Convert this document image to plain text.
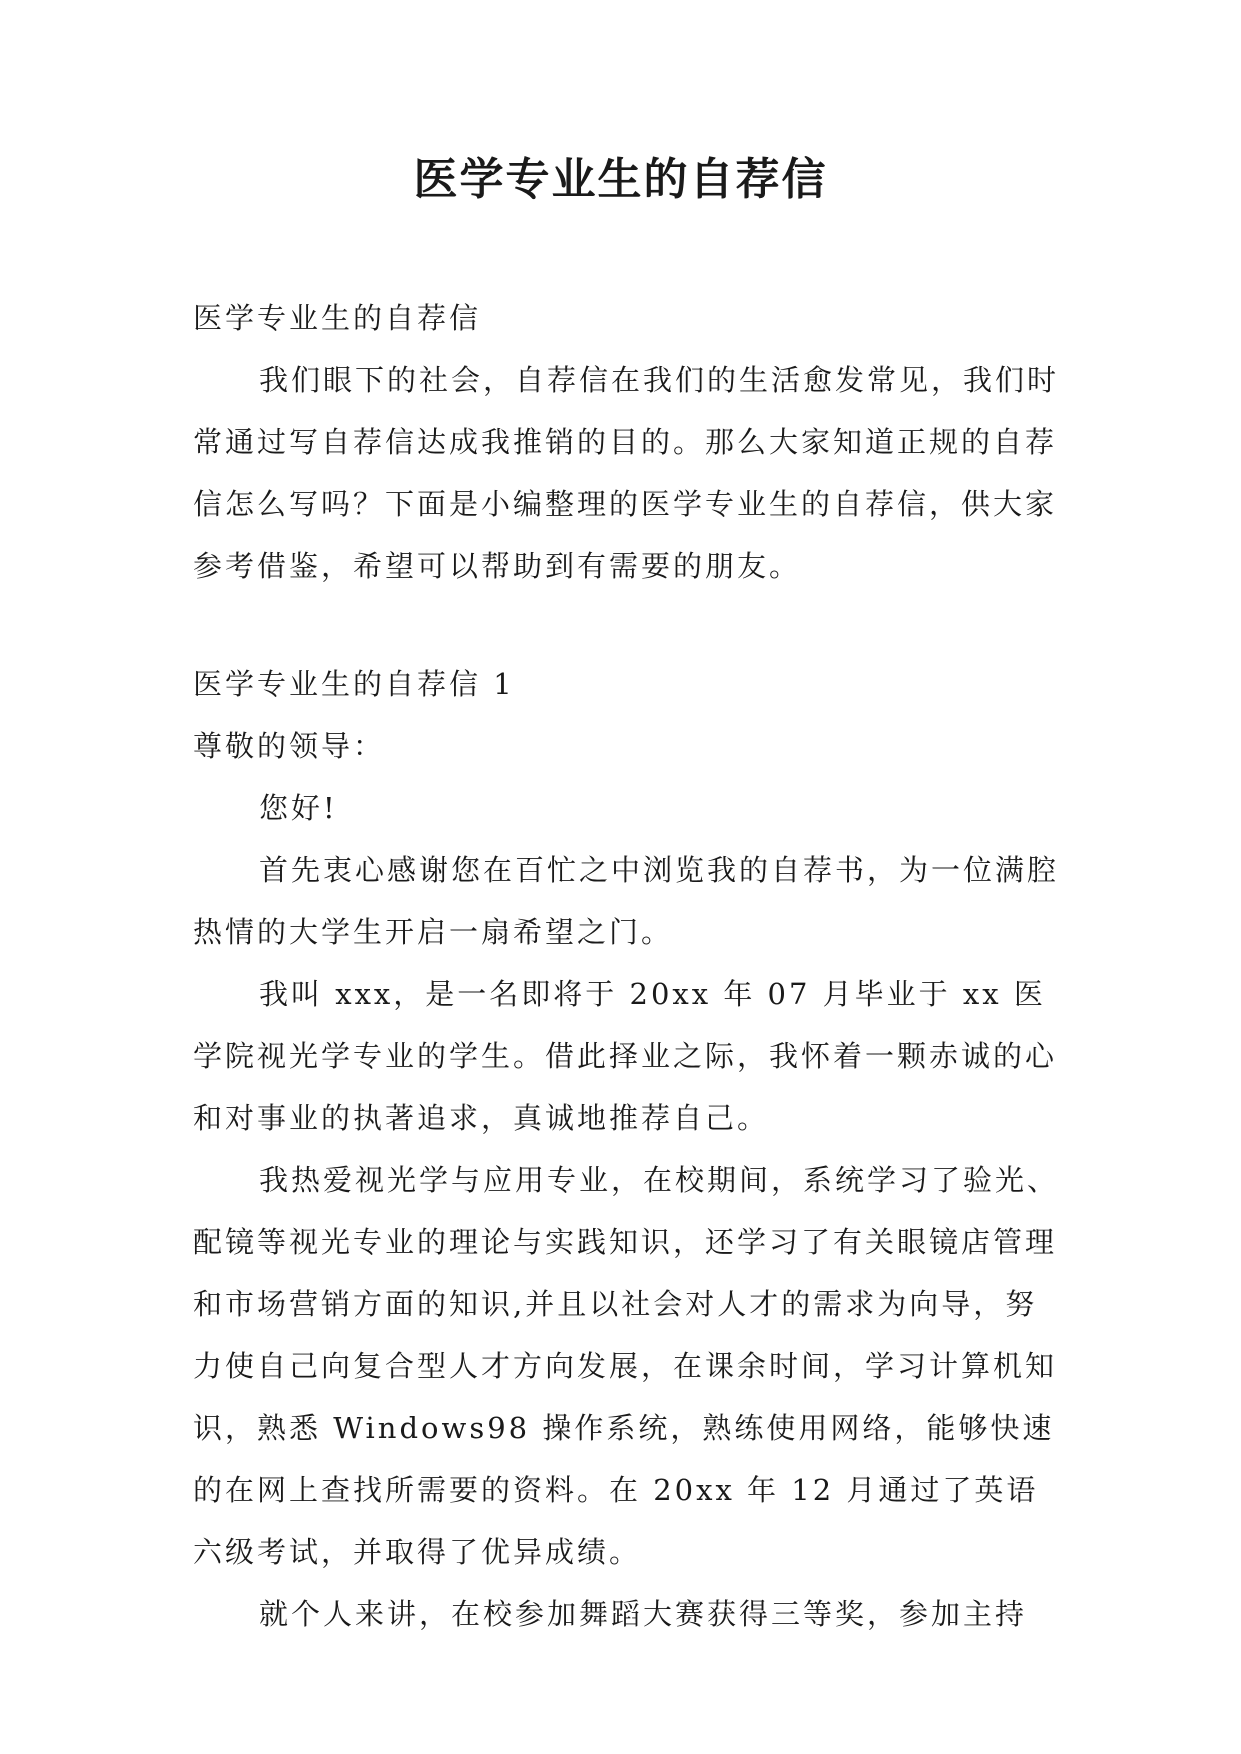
医学专业生的自荐信

医学专业生的自荐信

我们眼下的社会，自荐信在我们的生活愈发常见，我们时常通过写自荐信达成我推销的目的。那么大家知道正规的自荐信怎么写吗？下面是小编整理的医学专业生的自荐信，供大家参考借鉴，希望可以帮助到有需要的朋友。

医学专业生的自荐信 1

尊敬的领导：

您好!

首先衷心感谢您在百忙之中浏览我的自荐书，为一位满腔热情的大学生开启一扇希望之门。

我叫 xxx，是一名即将于 20xx 年 07 月毕业于 xx 医学院视光学专业的学生。借此择业之际，我怀着一颗赤诚的心和对事业的执著追求，真诚地推荐自己。

我热爱视光学与应用专业，在校期间，系统学习了验光、配镜等视光专业的理论与实践知识，还学习了有关眼镜店管理和市场营销方面的知识,并且以社会对人才的需求为向导，努力使自己向复合型人才方向发展，在课余时间，学习计算机知识，熟悉 Windows98 操作系统，熟练使用网络，能够快速的在网上查找所需要的资料。在 20xx 年 12 月通过了英语六级考试，并取得了优异成绩。

就个人来讲，在校参加舞蹈大赛获得三等奖，参加主持
